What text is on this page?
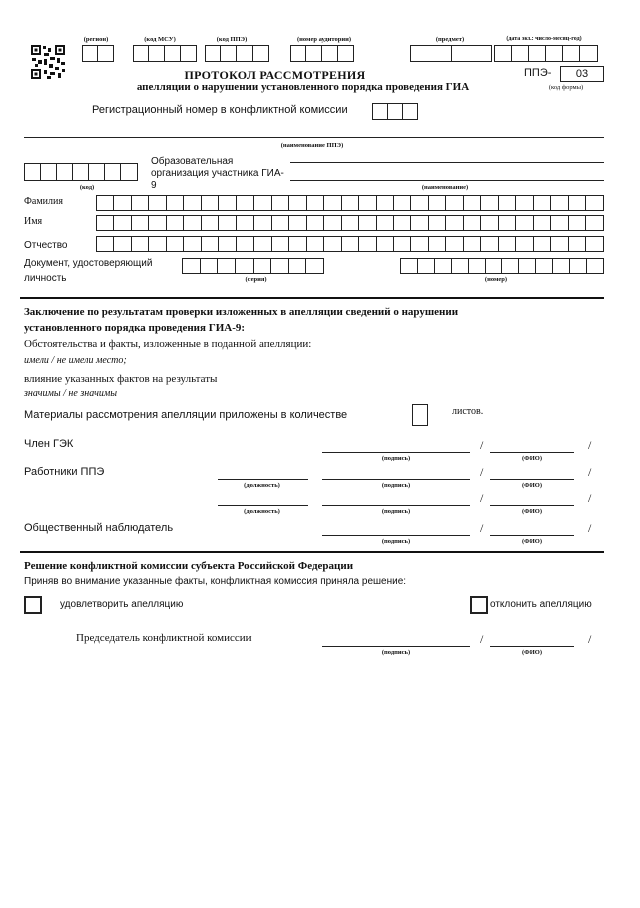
(регион)	(код МСУ)	(код ППЭ)	(номер аудитории)	(предмет)	(дата экз.: число-месяц-год)
ПРОТОКОЛ РАССМОТРЕНИЯ
апелляции о нарушении установленного порядка проведения ГИА
ППЭ-	03
(код формы)
Регистрационный номер в конфликтной комиссии
(наименование ППЭ)
(код)
Образовательная
организация участника ГИА-
9	(наименование)
Фамилия
Имя
Отчество
Документ, удостоверяющий
личность	(серия)	(номер)
Заключение по результатам проверки изложенных в апелляции сведений о нарушении
установленного порядка проведения ГИА-9:
Обстоятельства и факты, изложенные в поданной апелляции:
имели / не имели место;
влияние указанных фактов на результаты
значимы / не значимы
Материалы рассмотрения апелляции приложены в количестве	листов.
Член ГЭК	/	/
(подпись)	(ФИО)
Работники ППЭ	/	/
(должность)	(подпись)	(ФИО)
/	/
(должность)	(подпись)	(ФИО)
Общественный наблюдатель	/	/
(подпись)	(ФИО)
Решение конфликтной комиссии субъекта Российской Федерации
Приняв во внимание указанные факты, конфликтная комиссия приняла решение:
удовлетворить апелляцию	отклонить апелляцию
Председатель конфликтной комиссии	/	/
(подпись)	(ФИО)
